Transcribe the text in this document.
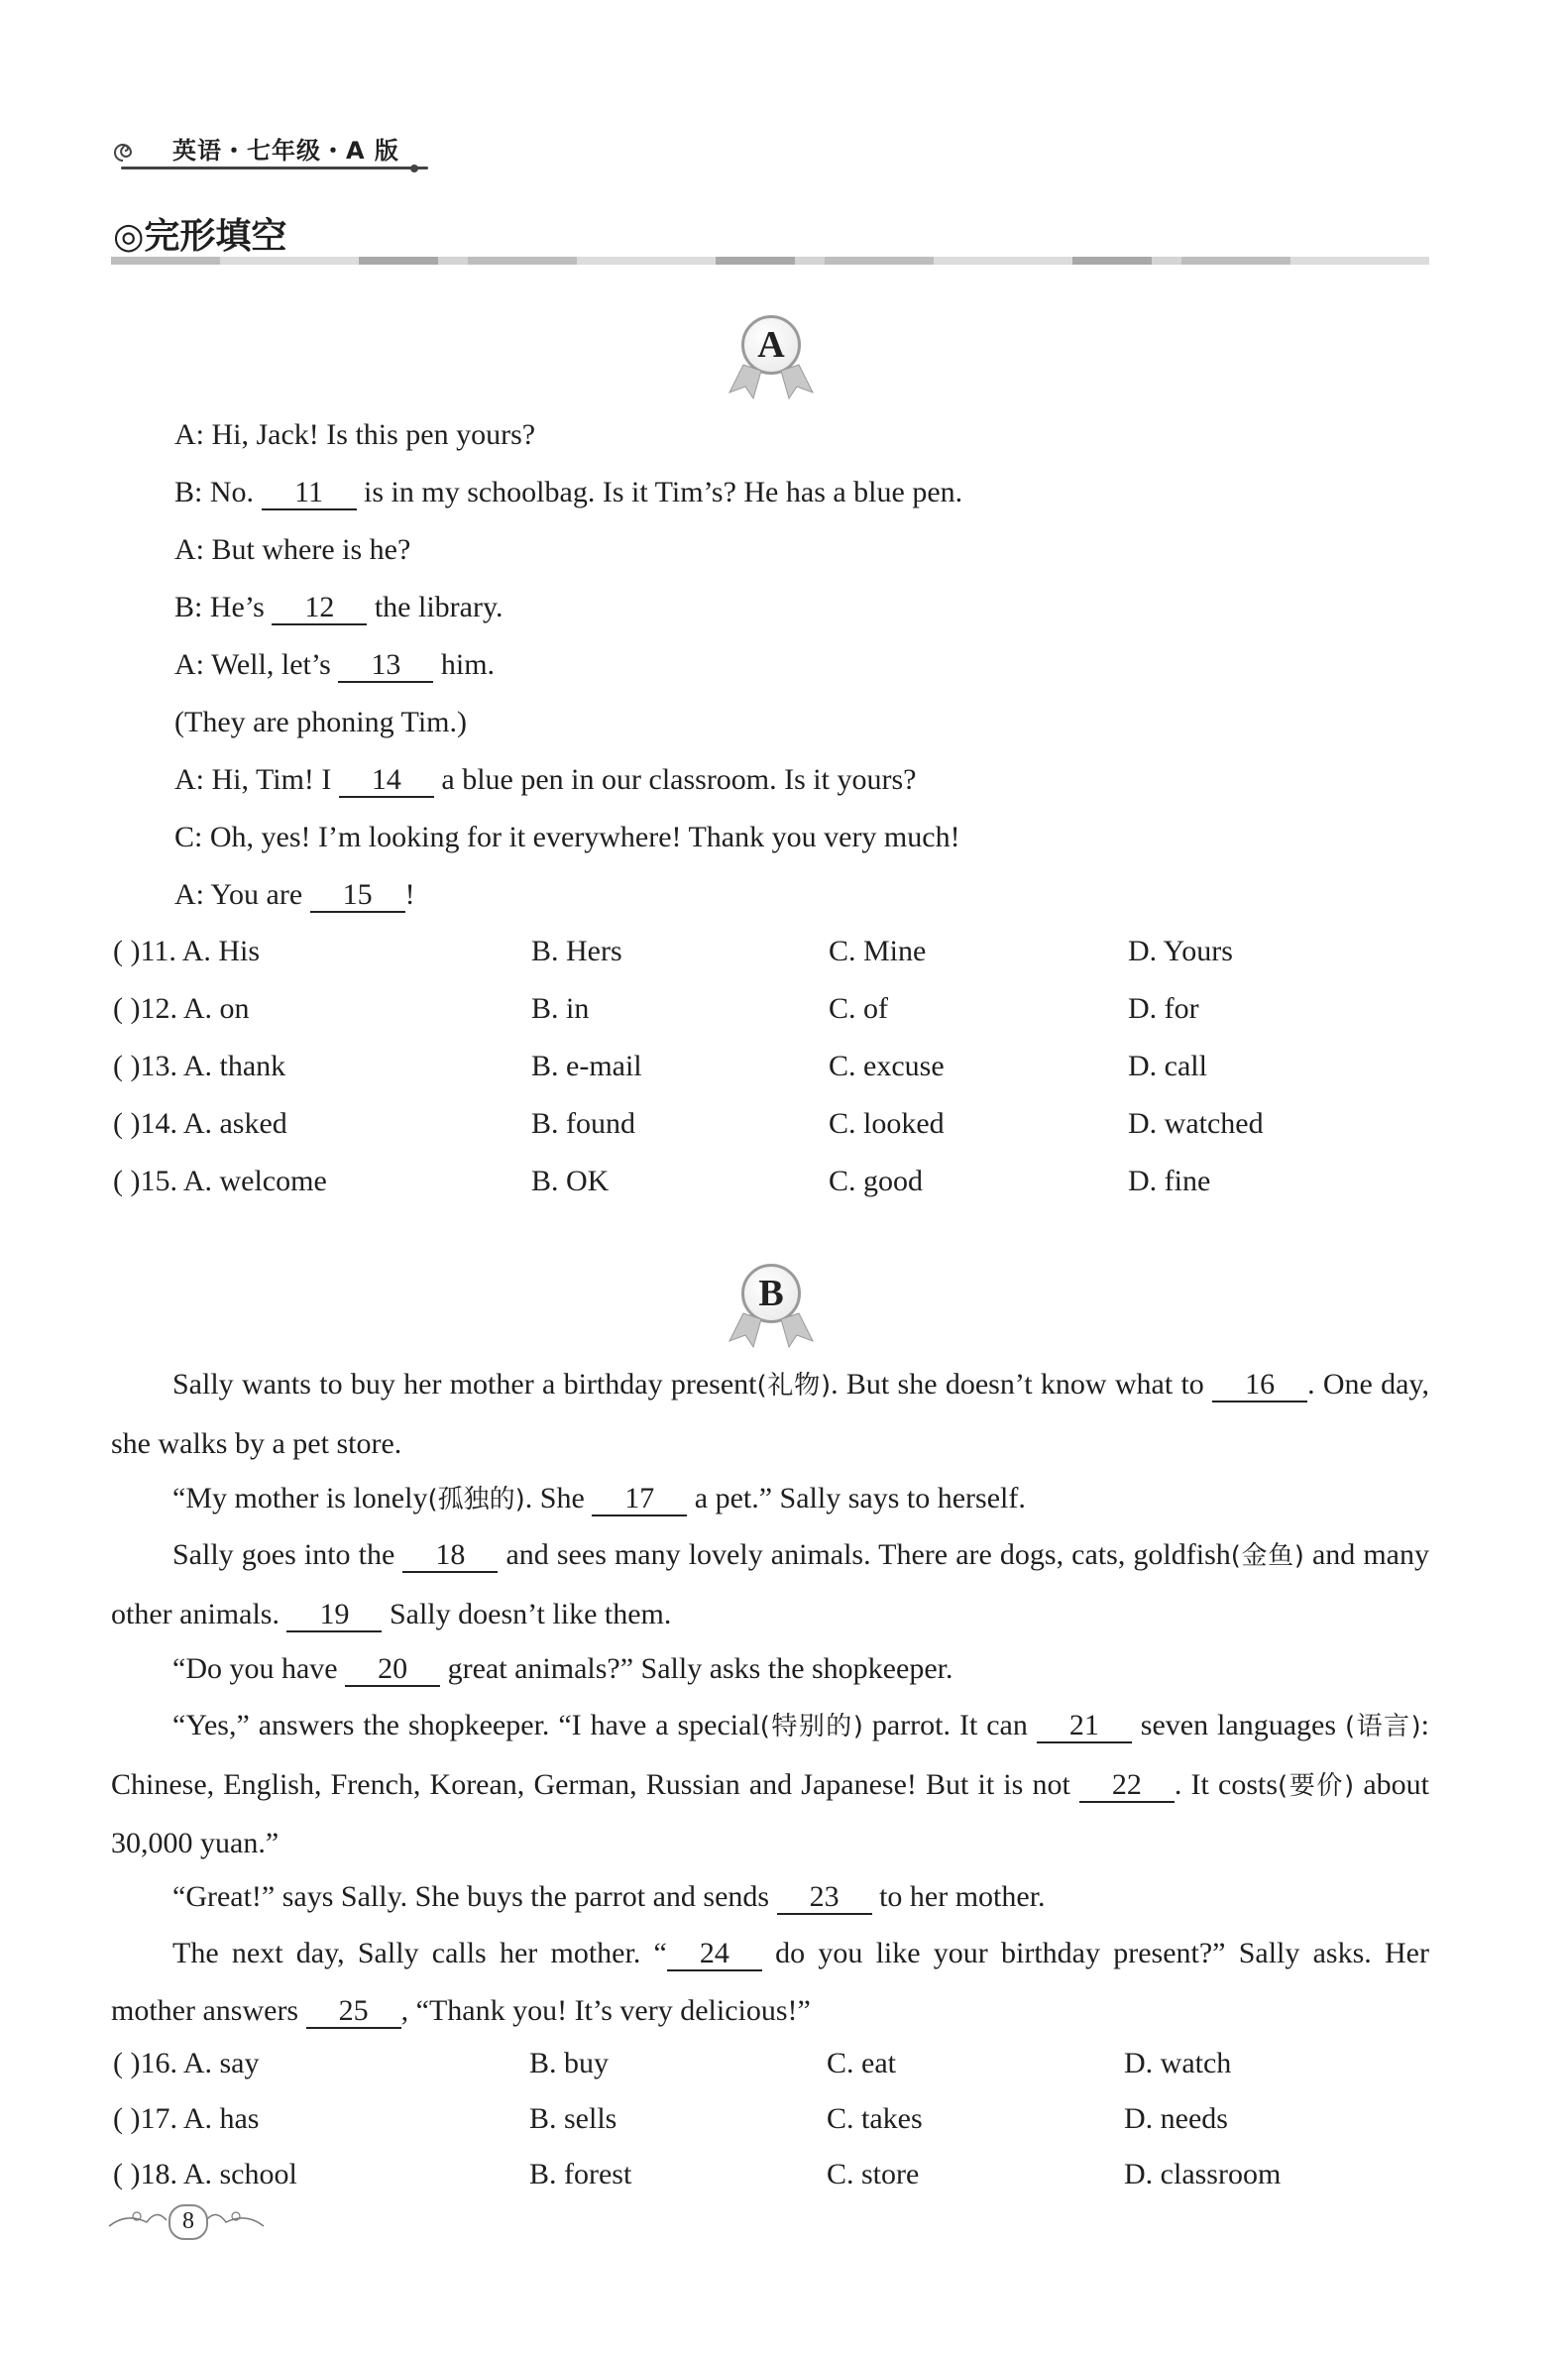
英语・七年级・A 版
◎完形填空
A
A: Hi, Jack! Is this pen yours?
B: No. 11 is in my schoolbag. Is it Tim’s? He has a blue pen.
A: But where is he?
B: He’s 12 the library.
A: Well, let’s 13 him.
(They are phoning Tim.)
A: Hi, Tim! I 14 a blue pen in our classroom. Is it yours?
C: Oh, yes! I’m looking for it everywhere! Thank you very much!
A: You are 15 !
( )11. A. His	B. Hers	C. Mine	D. Yours
( )12. A. on	B. in	C. of	D. for
( )13. A. thank	B. e-mail	C. excuse	D. call
( )14. A. asked	B. found	C. looked	D. watched
( )15. A. welcome	B. OK	C. good	D. fine
B
Sally wants to buy her mother a birthday present(礼物). But she doesn’t know what to 16 . One day, she walks by a pet store.
“My mother is lonely(孤独的). She 17 a pet.” Sally says to herself.
Sally goes into the 18 and sees many lovely animals. There are dogs, cats, goldfish(金鱼) and many other animals. 19 Sally doesn’t like them.
“Do you have 20 great animals?” Sally asks the shopkeeper.
“Yes,” answers the shopkeeper. “I have a special(特别的) parrot. It can 21 seven languages (语言): Chinese, English, French, Korean, German, Russian and Japanese! But it is not 22 . It costs(要价) about 30,000 yuan.”
“Great!” says Sally. She buys the parrot and sends 23 to her mother.
The next day, Sally calls her mother. “ 24 do you like your birthday present?” Sally asks. Her mother answers 25 , “Thank you! It’s very delicious!”
( )16. A. say	B. buy	C. eat	D. watch
( )17. A. has	B. sells	C. takes	D. needs
( )18. A. school	B. forest	C. store	D. classroom
8
